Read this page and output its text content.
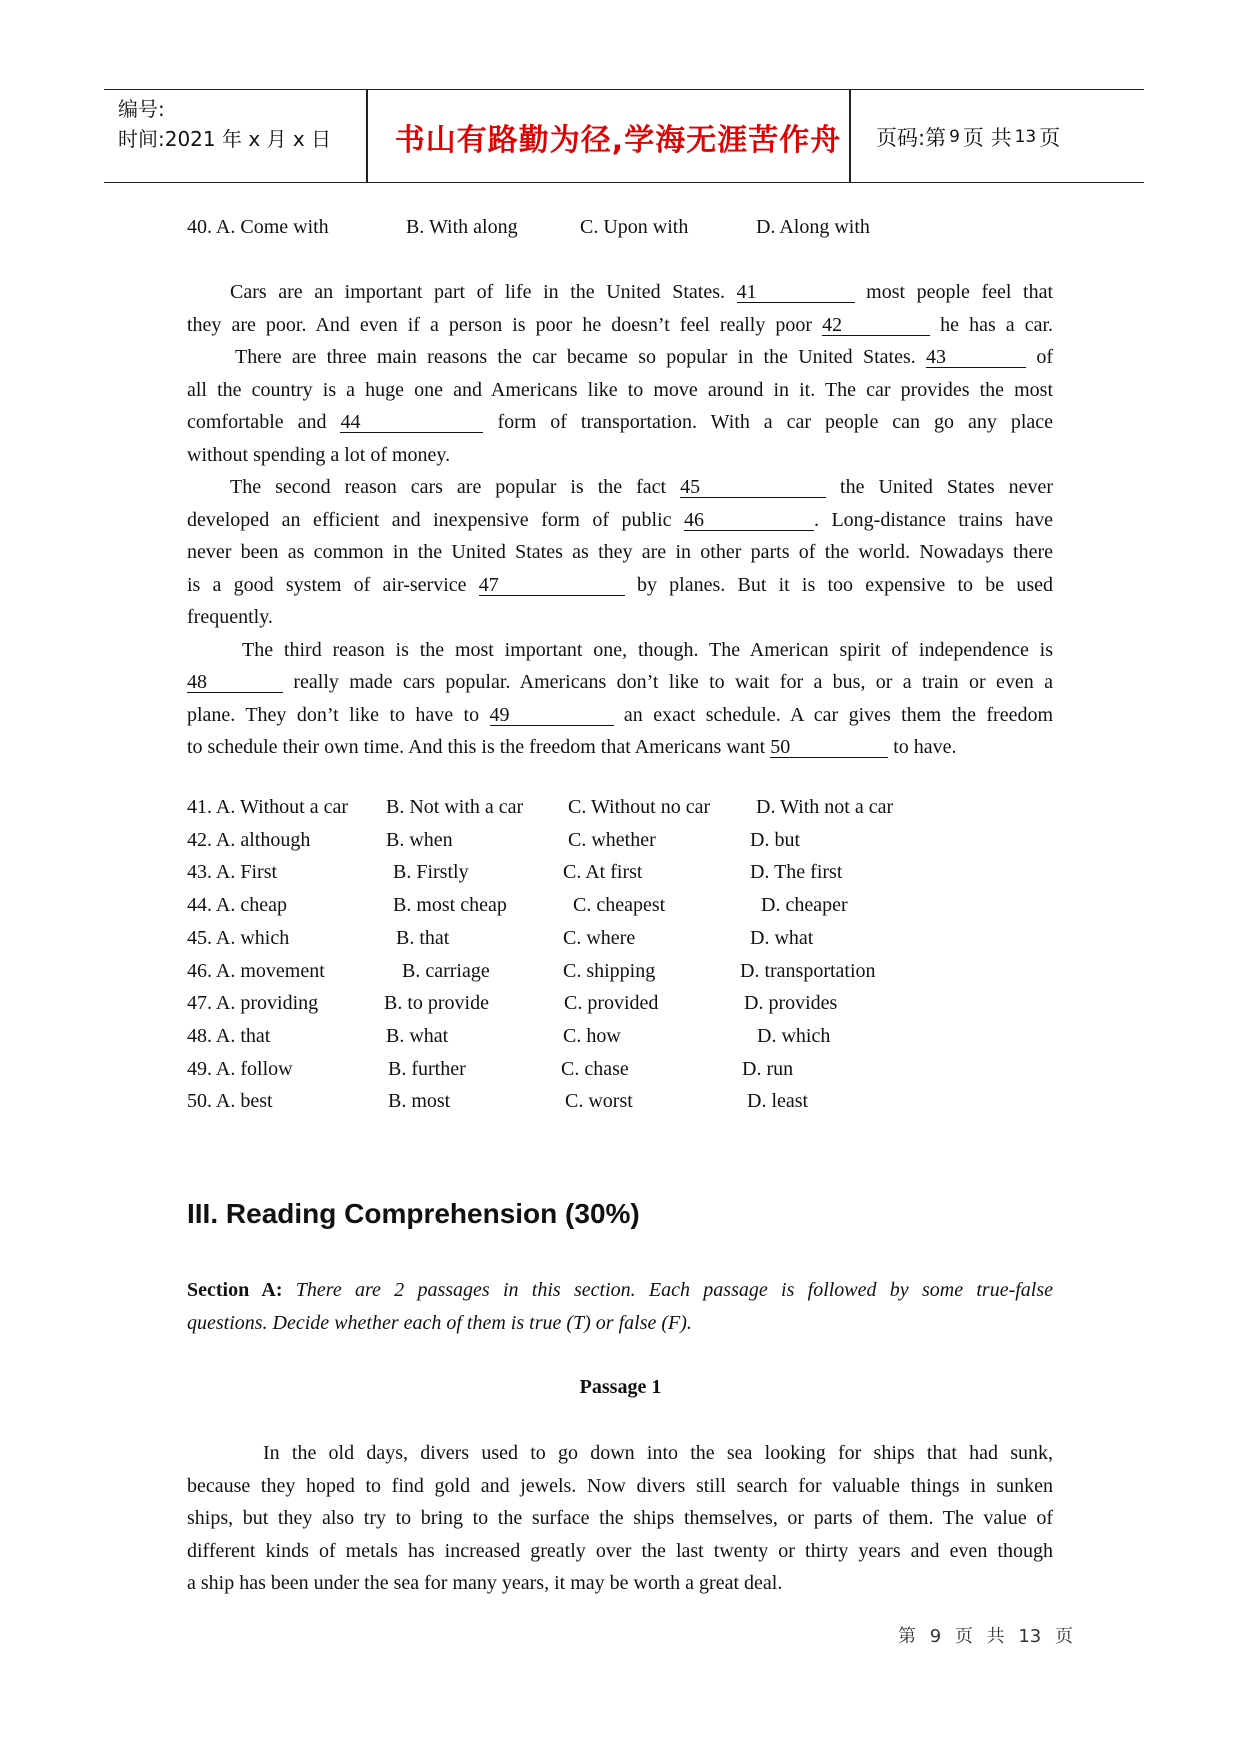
编号:
时间:2021 年 x 月 x 日	书山有路勤为径,学海无涯苦作舟	页码:第 9 页 共 13 页
40. A. Come with	B. With along	C. Upon with	D. Along with
Cars are an important part of life in the United States. 41	most people feel that
they are poor. And even if a person is poor he doesn’t feel really poor 42	he has a car.
There are three main reasons the car became so popular in the United States. 43	of
all the country is a huge one and Americans like to move around in it. The car provides the most
comfortable and 44	form of transportation. With a car people can go any place
without spending a lot of money.
The second reason cars are popular is the fact 45	the United States never
developed an efficient and inexpensive form of public 46	. Long-distance trains have
never been as common in the United States as they are in other parts of the world. Nowadays there
is a good system of air-service 47	by planes. But it is too expensive to be used
frequently.
The third reason is the most important one, though. The American spirit of independence is
48	really made cars popular. Americans don’t like to wait for a bus, or a train or even a
plane. They don’t like to have to 49	an exact schedule. A car gives them the freedom
to schedule their own time. And this is the freedom that Americans want 50	to have.
41. A. Without a car B. Not with a car C. Without no car D. With not a car
42. A. although	B. when	C. whether	D. but
43. A. First	B. Firstly	C. At first	D. The first
44. A. cheap	B. most cheap	C. cheapest	D. cheaper
45. A. which	B. that	C. where	D. what
46. A. movement	B. carriage	C. shipping	D. transportation
47. A. providing	B. to provide	C. provided	D. provides
48. A. that	B. what	C. how	D. which
49. A. follow	B. further	C. chase	D. run
50. A. best	B. most	C. worst	D. least
III. Reading Comprehension (30%)
Section A: There are 2 passages in this section. Each passage is followed by some true-false
questions. Decide whether each of them is true (T) or false (F).
Passage 1
In the old days, divers used to go down into the sea looking for ships that had sunk,
because they hoped to find gold and jewels. Now divers still search for valuable things in sunken
ships, but they also try to bring to the surface the ships themselves, or parts of them. The value of
different kinds of metals has increased greatly over the last twenty or thirty years and even though
a ship has been under the sea for many years, it may be worth a great deal.
第 9 页 共 13 页
